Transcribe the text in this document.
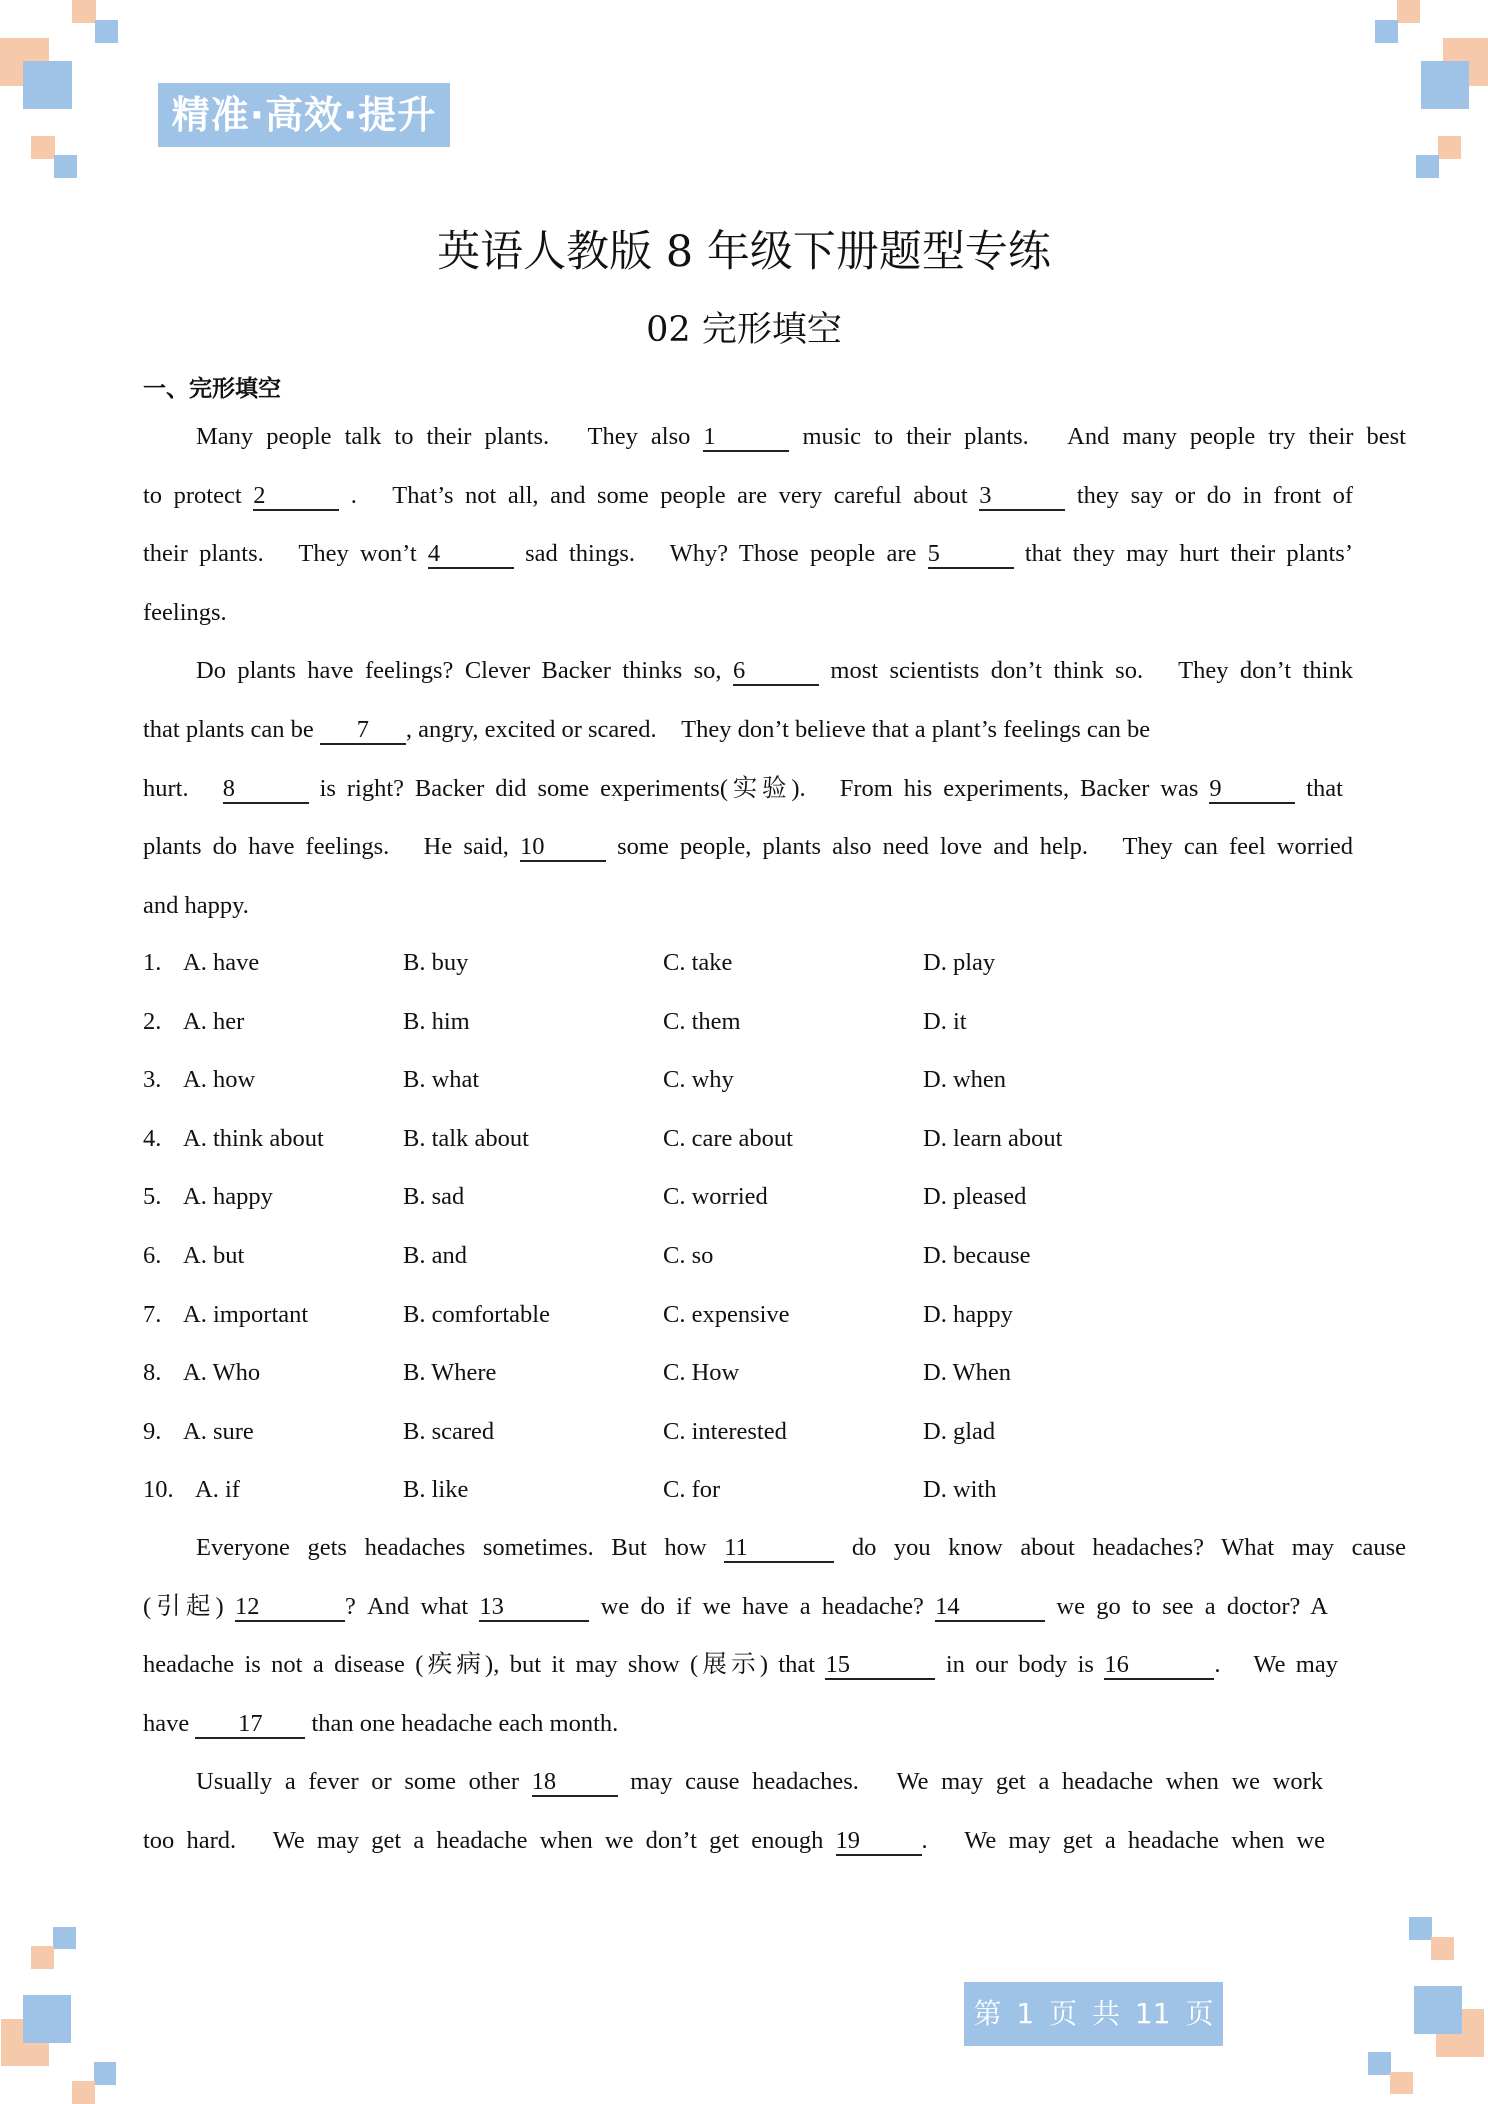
精准·高效·提升
英语人教版 8 年级下册题型专练
02 完形填空
一、完形填空
Many people talk to their plants.　They also 1	music to their plants.　And many people try their best
to protect 2	.　That’s not all, and some people are very careful about 3	they say or do in front of
their plants.　They won’t 4	sad things.　Why? Those people are 5	that they may hurt their plants’
feelings.
Do plants have feelings? Clever Backer thinks so, 6	most scientists don’t think so.　They don’t think
that plants can be 7 , angry, excited or scared.　They don’t believe that a plant’s feelings can be
hurt.　8	is right? Backer did some experiments(实验).　From his experiments, Backer was 9	that
plants do have feelings.　He said, 10	some people, plants also need love and help.　They can feel worried
and happy.
1. A. have	B. buy	C. take	D. play
2. A. her	B. him	C. them	D. it
3. A. how	B. what	C. why	D. when
4. A. think about	B. talk about	C. care about	D. learn about
5. A. happy	B. sad	C. worried	D. pleased
6. A. but	B. and	C. so	D. because
7. A. important	B. comfortable	C. expensive	D. happy
8. A. Who	B. Where	C. How	D. When
9. A. sure	B. scared	C. interested	D. glad
10. A. if	B. like	C. for	D. with
Everyone gets headaches sometimes. But how 11	do you know about headaches? What may cause
(引起) 12	? And what 13	we do if we have a headache? 14	we go to see a doctor? A
headache is not a disease (疾病), but it may show (展示) that 15	in our body is 16	.　We may
have 17 than one headache each month.
Usually a fever or some other 18	may cause headaches.　We may get a headache when we work
too hard.　We may get a headache when we don’t get enough 19	.　We may get a headache when we
第 1 页 共 11 页
